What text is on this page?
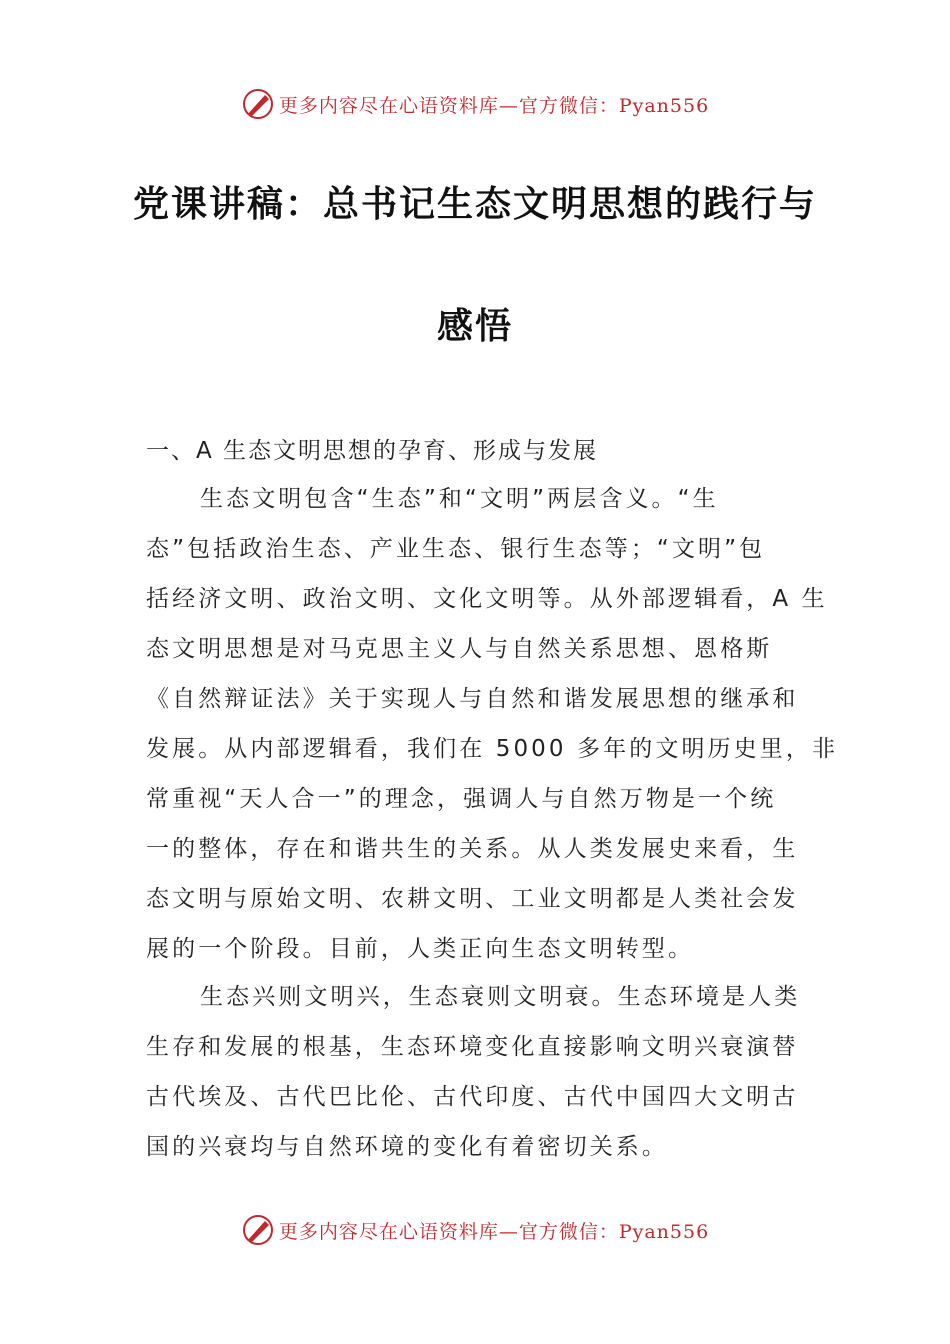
更多内容尽在心语资料库—官方微信：Pyan556
党课讲稿：总书记生态文明思想的践行与
感悟
一、A 生态文明思想的孕育、形成与发展
生态文明包含“生态”和“文明”两层含义。“生
态”包括政治生态、产业生态、银行生态等；“文明”包
括经济文明、政治文明、文化文明等。从外部逻辑看，A 生
态文明思想是对马克思主义人与自然关系思想、恩格斯
《自然辩证法》关于实现人与自然和谐发展思想的继承和
发展。从内部逻辑看，我们在 5000 多年的文明历史里，非
常重视“天人合一”的理念，强调人与自然万物是一个统
一的整体，存在和谐共生的关系。从人类发展史来看，生
态文明与原始文明、农耕文明、工业文明都是人类社会发
展的一个阶段。目前，人类正向生态文明转型。
生态兴则文明兴，生态衰则文明衰。生态环境是人类
生存和发展的根基，生态环境变化直接影响文明兴衰演替
古代埃及、古代巴比伦、古代印度、古代中国四大文明古
国的兴衰均与自然环境的变化有着密切关系。
更多内容尽在心语资料库—官方微信：Pyan556
